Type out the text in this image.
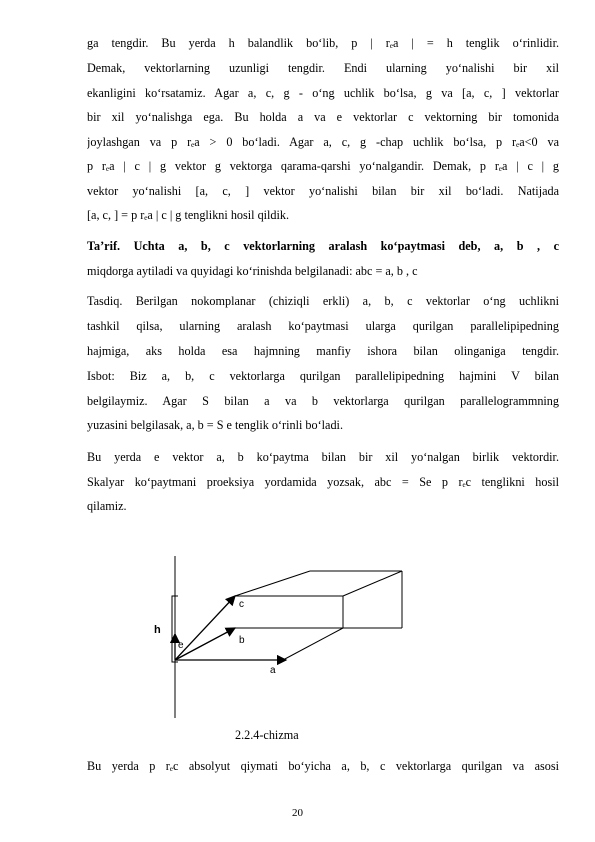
ga tengdir. Bu yerda h balandlik bo‘lib, p | rₑa | = h tenglik o‘rinlidir.
Demak, vektorlarning uzunligi tengdir. Endi ularning yo‘nalishi bir xil
ekanligini ko‘rsatamiz. Agar a, c, g - o‘ng uchlik bo‘lsa, g va [a, c, ] vektorlar
bir xil yo‘nalishga ega. Bu holda a va e vektorlar c vektorning bir tomonida
joylashgan va p rₑa > 0 bo‘ladi. Agar a, c, g -chap uchlik bo‘lsa, p rₑa<0 va
p rₑa | c | g vektor g vektorga qarama-qarshi yo‘nalgandir. Demak, p rₑa | c | g
vektor yo‘nalishi [a, c, ] vektor yo‘nalishi bilan bir xil bo‘ladi. Natijada
[a, c, ] = p rₑa | c | g tenglikni hosil qildik.
Ta’rif. Uchta a, b, c vektorlarning aralash ko‘paytmasi deb, a, b , c
miqdorga aytiladi va quyidagi ko‘rinishda belgilanadi: abc = a, b , c
Tasdiq. Berilgan nokomplanar (chiziqli erkli) a, b, c vektorlar o‘ng uchlikni
tashkil qilsa, ularning aralash ko‘paytmasi ularga qurilgan parallelipipedning
hajmiga, aks holda esa hajmning manfiy ishora bilan olinganiga tengdir.
Isbot: Biz a, b, c vektorlarga qurilgan parallelipipedning hajmini V bilan
belgilaymiz. Agar S bilan a va b vektorlarga qurilgan parallelogrammning
yuzasini belgilasak, a, b = S e tenglik o‘rinli bo‘ladi.
Bu yerda e vektor a, b ko‘paytma bilan bir xil yo‘nalgan birlik vektordir.
Skalyar ko‘paytmani proeksiya yordamida yozsak, abc = Se p rₑc tenglikni hosil
qilamiz.
c
h
e	b
a
2.2.4-chizma
Bu yerda p rₑc absolyut qiymati bo‘yicha a, b, c vektorlarga qurilgan va asosi
20
